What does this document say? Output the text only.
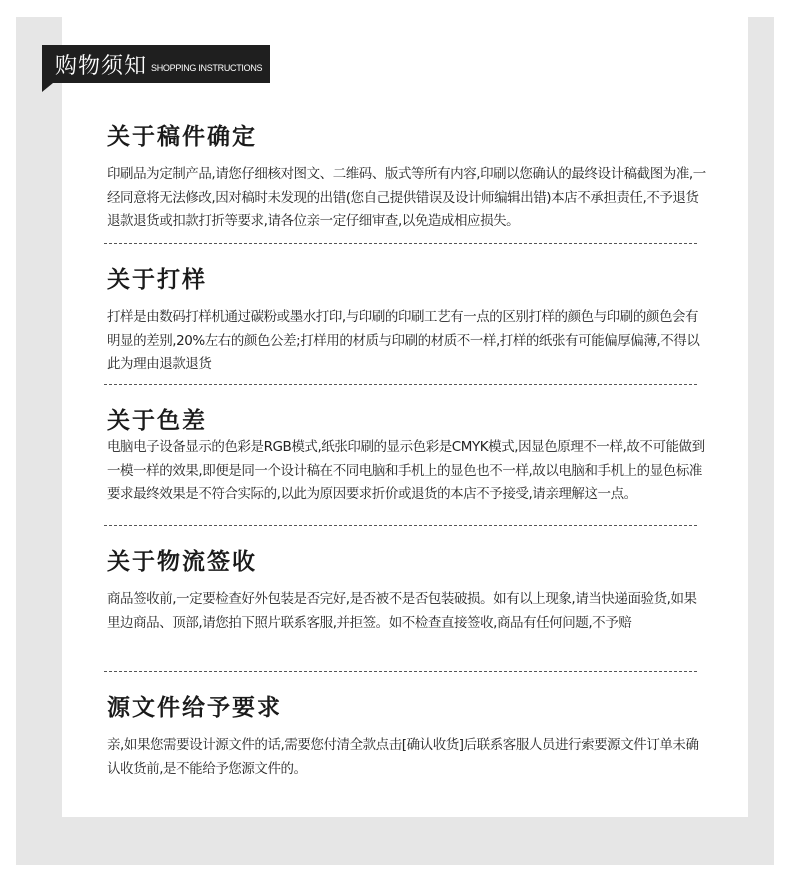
购物须知 SHOPPING INSTRUCTIONS
关于稿件确定

印刷品为定制产品,请您仔细核对图文、二维码、版式等所有内容,印刷以您确认的最终设计稿截图为准,一经同意将无法修改,因对稿时未发现的出错(您自己提供错误及设计师编辑出错)本店不承担责任,不予退货退款退货或扣款打折等要求,请各位亲一定仔细审查,以免造成相应损失。

关于打样

打样是由数码打样机通过碳粉或墨水打印,与印刷的印刷工艺有一点的区别打样的颜色与印刷的颜色会有明显的差别,20%左右的颜色公差;打样用的材质与印刷的材质不一样,打样的纸张有可能偏厚偏薄,不得以此为理由退款退货

关于色差

电脑电子设备显示的色彩是RGB模式,纸张印刷的显示色彩是CMYK模式,因显色原理不一样,故不可能做到一模一样的效果,即便是同一个设计稿在不同电脑和手机上的显色也不一样,故以电脑和手机上的显色标准要求最终效果是不符合实际的,以此为原因要求折价或退货的本店不予接受,请亲理解这一点。

关于物流签收

商品签收前,一定要检查好外包装是否完好,是否被不是否包装破损。如有以上现象,请当快递面验货,如果里边商品、顶部,请您拍下照片联系客服,并拒签。如不检查直接签收,商品有任何问题,不予赔

源文件给予要求

亲,如果您需要设计源文件的话,需要您付清全款点击[确认收货]后联系客服人员进行索要源文件订单未确认收货前,是不能给予您源文件的。
